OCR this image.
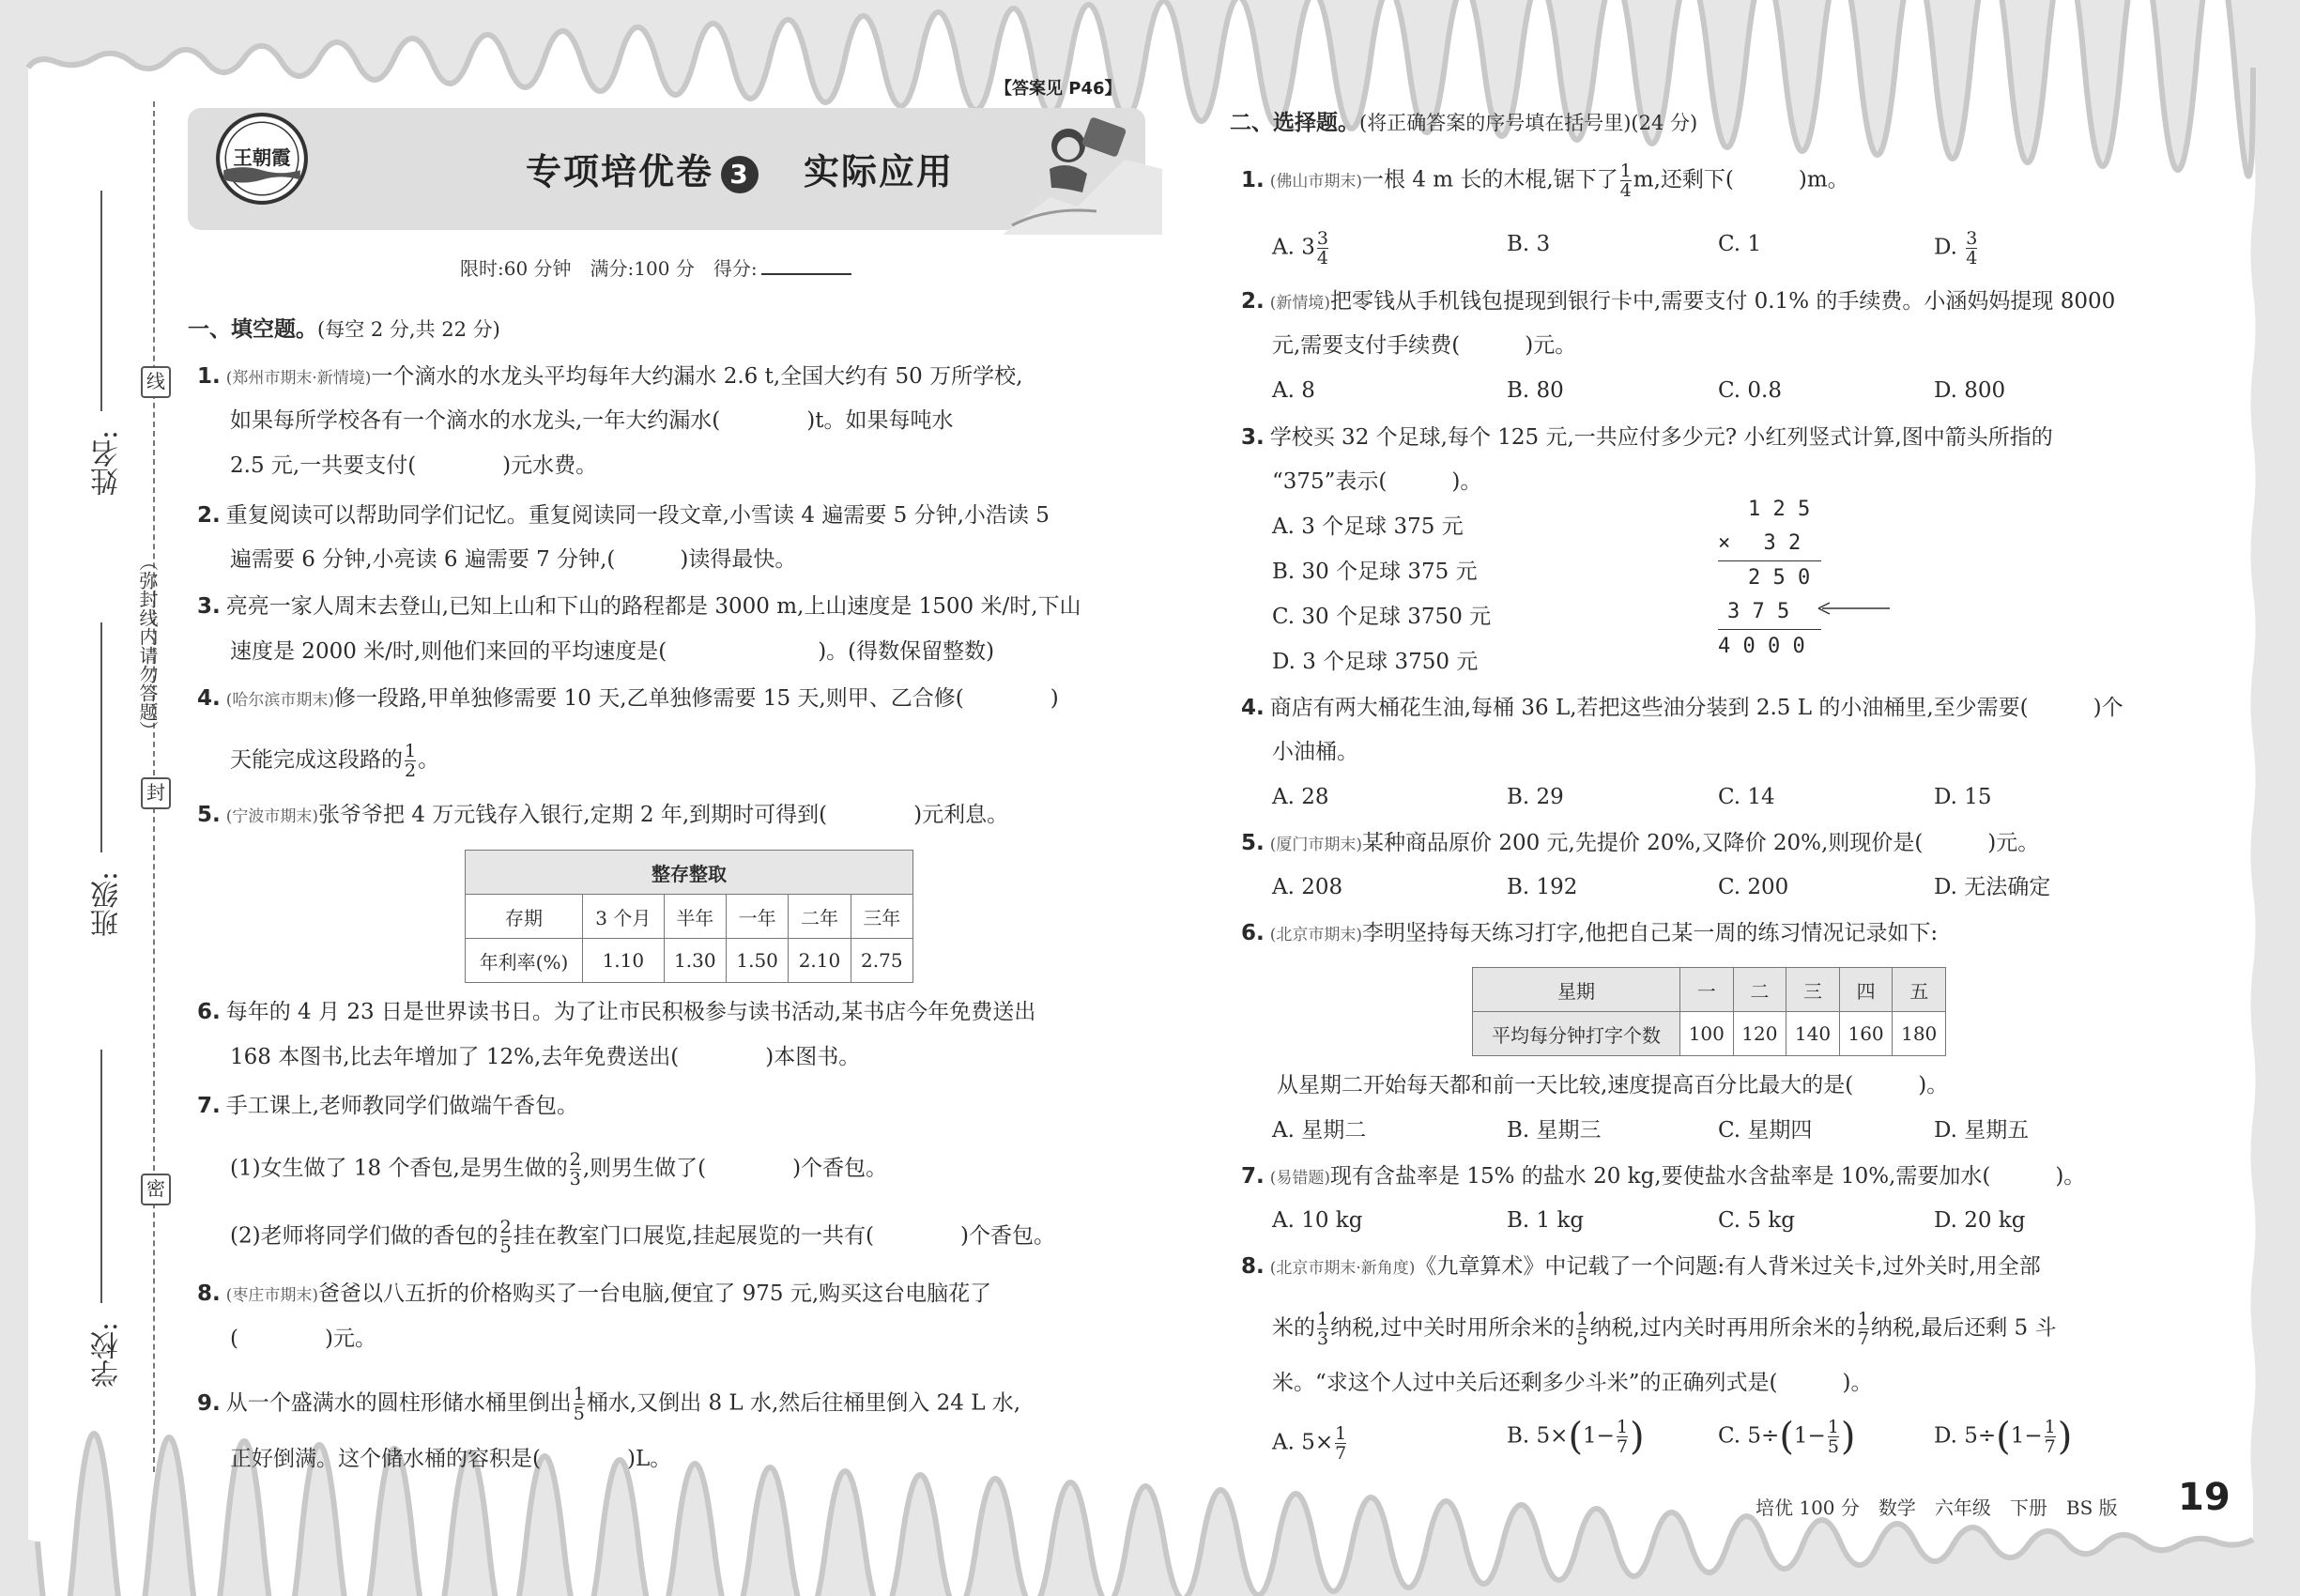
姓名:
班级:
学校:
线
封
密
（弥封线内请勿答题）
【答案见 P46】
王朝霞	专项培优卷 3　 实际应用
限时:60 分钟　满分:100 分　得分:
一、填空题。(每空 2 分,共 22 分)
1. (郑州市期末·新情境)一个滴水的水龙头平均每年大约漏水 2.6 t,全国大约有 50 万所学校,
如果每所学校各有一个滴水的水龙头,一年大约漏水(　　　　)t。如果每吨水
2.5 元,一共要支付(　　　　)元水费。
2. 重复阅读可以帮助同学们记忆。重复阅读同一段文章,小雪读 4 遍需要 5 分钟,小浩读 5
遍需要 6 分钟,小亮读 6 遍需要 7 分钟,(　　　)读得最快。
3. 亮亮一家人周末去登山,已知上山和下山的路程都是 3000 m,上山速度是 1500 米/时,下山
速度是 2000 米/时,则他们来回的平均速度是(　　　　　　　)。(得数保留整数)
4. (哈尔滨市期末)修一段路,甲单独修需要 10 天,乙单独修需要 15 天,则甲、乙合修(　　　　)
天能完成这段路的 $\frac{1}{2}$ 。
5. (宁波市期末)张爷爷把 4 万元钱存入银行,定期 2 年,到期时可得到(　　　　)元利息。
整存整取					
存期	3 个月	半年	一年	二年	三年
年利率(%)	1.10	1.30	1.50	2.10	2.75
6. 每年的 4 月 23 日是世界读书日。为了让市民积极参与读书活动,某书店今年免费送出
168 本图书,比去年增加了 12%,去年免费送出(　　　　)本图书。
7. 手工课上,老师教同学们做端午香包。
(1)女生做了 18 个香包,是男生做的 $\frac{2}{3}$ ,则男生做了(　　　　)个香包。
(2)老师将同学们做的香包的 $\frac{2}{5}$ 挂在教室门口展览,挂起展览的一共有(　　　　)个香包。
8. (枣庄市期末)爸爸以八五折的价格购买了一台电脑,便宜了 975 元,购买这台电脑花了
(　　　　)元。
9. 从一个盛满水的圆柱形储水桶里倒出 $\frac{1}{5}$ 桶水,又倒出 8 L 水,然后往桶里倒入 24 L 水,
正好倒满。这个储水桶的容积是(　　　　)L。
二、选择题。(将正确答案的序号填在括号里)(24 分)
1. (佛山市期末)一根 4 m 长的木棍,锯下了 $\frac{1}{4} m$,还剩下(　　　)m。
A. $3 \frac{3}{4}$	B. 3	C. 1	D. $\frac{3}{4}$
2. (新情境)把零钱从手机钱包提现到银行卡中,需要支付 0.1% 的手续费。小涵妈妈提现 8000
元,需要支付手续费(　　　)元。
A. 8	B. 80	C. 0.8	D. 800
3. 学校买 32 个足球,每个 125 元,一共应付多少元? 小红列竖式计算,图中箭头所指的
“375”表示(　　　)。
A. 3 个足球 375 元
B. 30 个足球 375 元
C. 30 个足球 3750 元
D. 3 个足球 3750 元
1 2 5
×　 3 2
2 5 0
3 7 5
4 0 0 0
4. 商店有两大桶花生油,每桶 36 L,若把这些油分装到 2.5 L 的小油桶里,至少需要(　　　)个
小油桶。
A. 28	B. 29	C. 14	D. 15
5. (厦门市期末)某种商品原价 200 元,先提价 20%,又降价 20%,则现价是(　　　)元。
A. 208	B. 192	C. 200	D. 无法确定
6. (北京市期末)李明坚持每天练习打字,他把自己某一周的练习情况记录如下:
星期	一	二	三	四	五
平均每分钟打字个数	100	120	140	160	180
从星期二开始每天都和前一天比较,速度提高百分比最大的是(　　　)。
A. 星期二	B. 星期三	C. 星期四	D. 星期五
7. (易错题)现有含盐率是 15% 的盐水 20 kg,要使盐水含盐率是 10%,需要加水(　　　)。
A. 10 kg	B. 1 kg	C. 5 kg	D. 20 kg
8. (北京市期末·新角度)《九章算术》中记载了一个问题:有人背米过关卡,过外关时,用全部
米的 $\frac{1}{3}$ 纳税,过中关时用所余米的 $\frac{1}{5}$ 纳税,过内关时再用所余米的 $\frac{1}{7}$ 纳税,最后还剩 5 斗
米。“求这个人过中关后还剩多少斗米”的正确列式是(　　　)。
A. $5\times \frac{1}{7}$	B. $5\times(1- \frac{1}{7}$ )	C. $5\div(1- \frac{1}{5}$ )	D. $5\div(1- \frac{1}{7}$ )
培优 100 分　数学　六年级　下册　BS 版 19
